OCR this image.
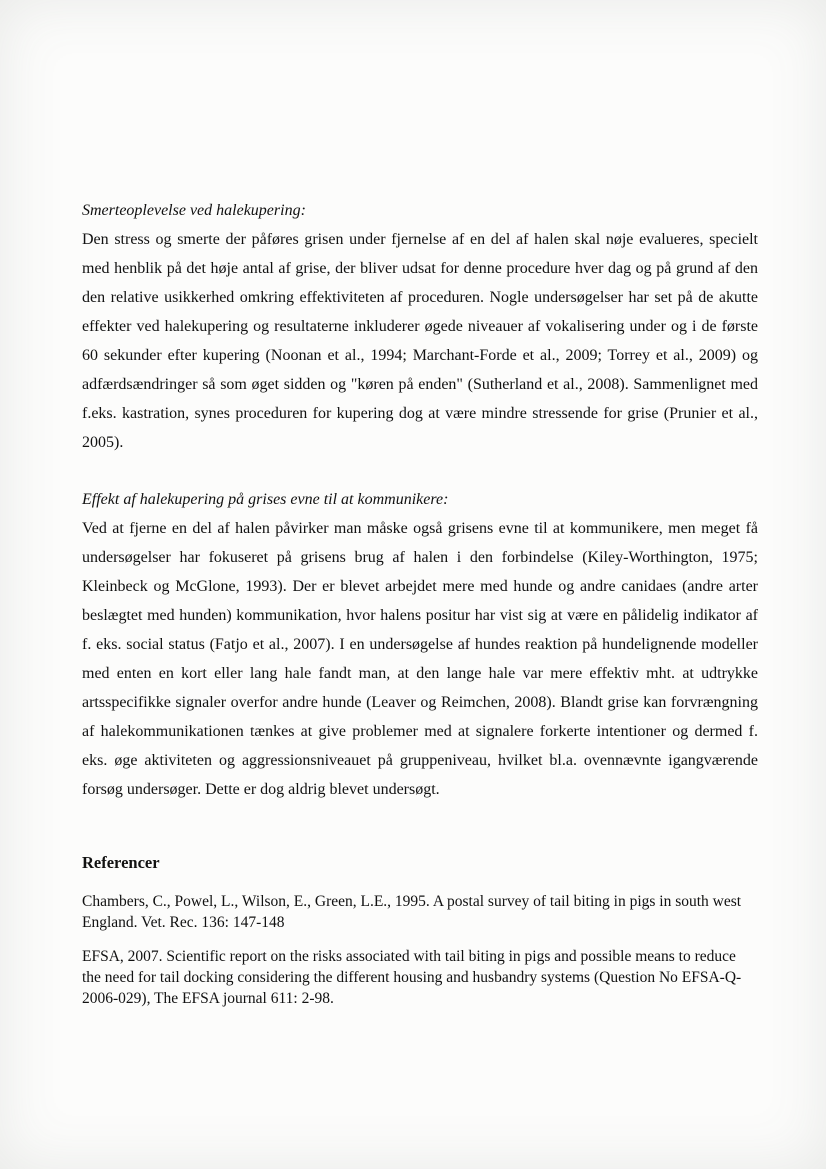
Smerteoplevelse ved halekupering:

Den stress og smerte der påføres grisen under fjernelse af en del af halen skal nøje evalueres, specielt med henblik på det høje antal af grise, der bliver udsat for denne procedure hver dag og på grund af den den relative usikkerhed omkring effektiviteten af proceduren. Nogle undersøgelser har set på de akutte effekter ved halekupering og resultaterne inkluderer øgede niveauer af vokalisering under og i de første 60 sekunder efter kupering (Noonan et al., 1994; Marchant-Forde et al., 2009; Torrey et al., 2009) og adfærdsændringer så som øget sidden og "køren på enden" (Sutherland et al., 2008). Sammenlignet med f.eks. kastration, synes proceduren for kupering dog at være mindre stressende for grise (Prunier et al., 2005).

Effekt af halekupering på grises evne til at kommunikere:

Ved at fjerne en del af halen påvirker man måske også grisens evne til at kommunikere, men meget få undersøgelser har fokuseret på grisens brug af halen i den forbindelse (Kiley-Worthington, 1975; Kleinbeck og McGlone, 1993). Der er blevet arbejdet mere med hunde og andre canidaes (andre arter beslægtet med hunden) kommunikation, hvor halens positur har vist sig at være en pålidelig indikator af f. eks. social status (Fatjo et al., 2007). I en undersøgelse af hundes reaktion på hundelignende modeller med enten en kort eller lang hale fandt man, at den lange hale var mere effektiv mht. at udtrykke artsspecifikke signaler overfor andre hunde (Leaver og Reimchen, 2008). Blandt grise kan forvrængning af halekommunikationen tænkes at give problemer med at signalere forkerte intentioner og dermed f. eks. øge aktiviteten og aggressionsniveauet på gruppeniveau, hvilket bl.a. ovennævnte igangværende forsøg undersøger. Dette er dog aldrig blevet undersøgt.

Referencer

Chambers, C., Powel, L., Wilson, E., Green, L.E., 1995. A postal survey of tail biting in pigs in south west England. Vet. Rec. 136: 147-148

EFSA, 2007. Scientific report on the risks associated with tail biting in pigs and possible means to reduce the need for tail docking considering the different housing and husbandry systems (Question No EFSA-Q-2006-029), The EFSA journal 611: 2-98.
